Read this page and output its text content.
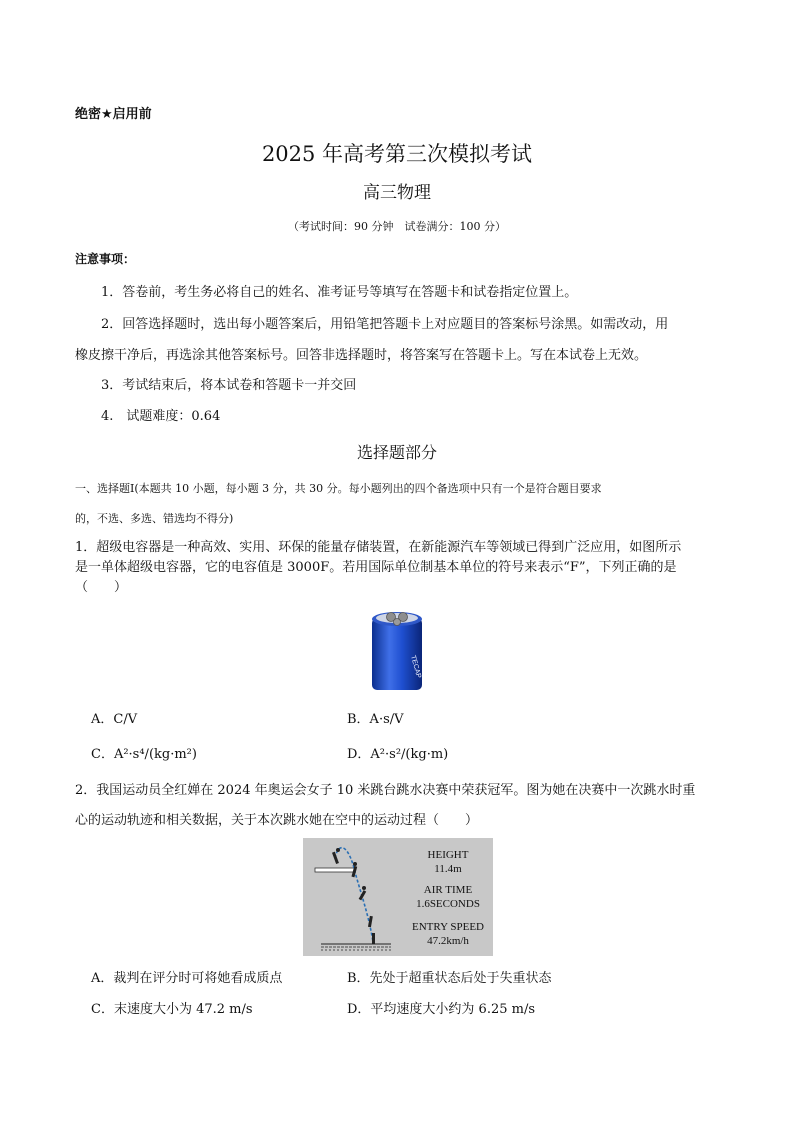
绝密★启用前
2025 年高考第三次模拟考试
高三物理
（考试时间：90 分钟　试卷满分：100 分）
注意事项：
1．答卷前，考生务必将自己的姓名、准考证号等填写在答题卡和试卷指定位置上。
2．回答选择题时，选出每小题答案后，用铅笔把答题卡上对应题目的答案标号涂黑。如需改动，用
橡皮擦干净后，再选涂其他答案标号。回答非选择题时，将答案写在答题卡上。写在本试卷上无效。
3．考试结束后，将本试卷和答题卡一并交回
4.　试题难度：0.64
选择题部分
一、选择题Ⅰ(本题共 10 小题，每小题 3 分，共 30 分。每小题列出的四个备选项中只有一个是符合题目要求
的，不选、多选、错选均不得分)
1．超级电容器是一种高效、实用、环保的能量存储装置，在新能源汽车等领域已得到广泛应用，如图所示
是一单体超级电容器，它的电容值是 3000F。若用国际单位制基本单位的符号来表示“F”，下列正确的是
（　　）
TECAP
A．C/V	B．A·s/V
C．A²·s⁴/(kg·m²)	D．A²·s²/(kg·m)
2．我国运动员全红婵在 2024 年奥运会女子 10 米跳台跳水决赛中荣获冠军。图为她在决赛中一次跳水时重
心的运动轨迹和相关数据，关于本次跳水她在空中的运动过程（　　）
HEIGHT
11.4m
AIR TIME
1.6SECONDS
ENTRY SPEED
47.2km/h
A．裁判在评分时可将她看成质点	B．先处于超重状态后处于失重状态
C．末速度大小为 47.2 m/s	D．平均速度大小约为 6.25 m/s
